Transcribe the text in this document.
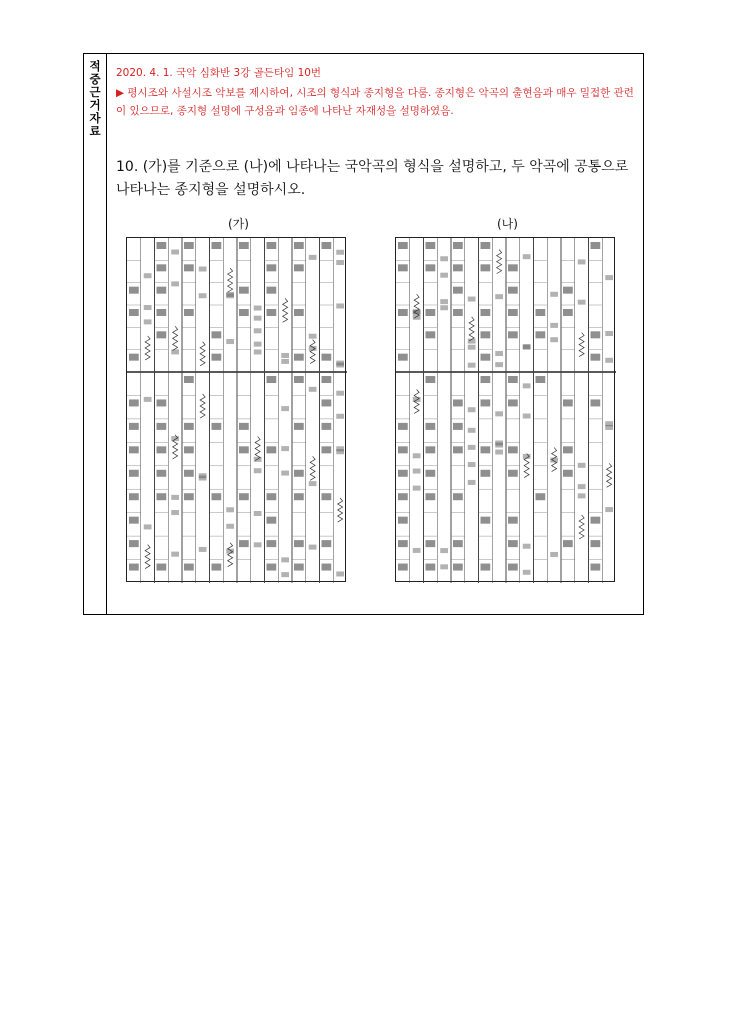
적중근거자료
2020. 4. 1. 국악 심화반 3강 골든타임 10번
▶ 평시조와 사설시조 악보를 제시하여, 시조의 형식과 종지형을 다룸. 종지형은 악곡의 출현음과 매우 밀접한 관련이 있으므로, 종지형 설명에 구성음과 임종에 나타난 자재성을 설명하였음.
10. (가)를 기준으로 (나)에 나타나는 국악곡의 형식을 설명하고, 두 악곡에 공통으로 나타나는 종지형을 설명하시오.
(가)	(나)
